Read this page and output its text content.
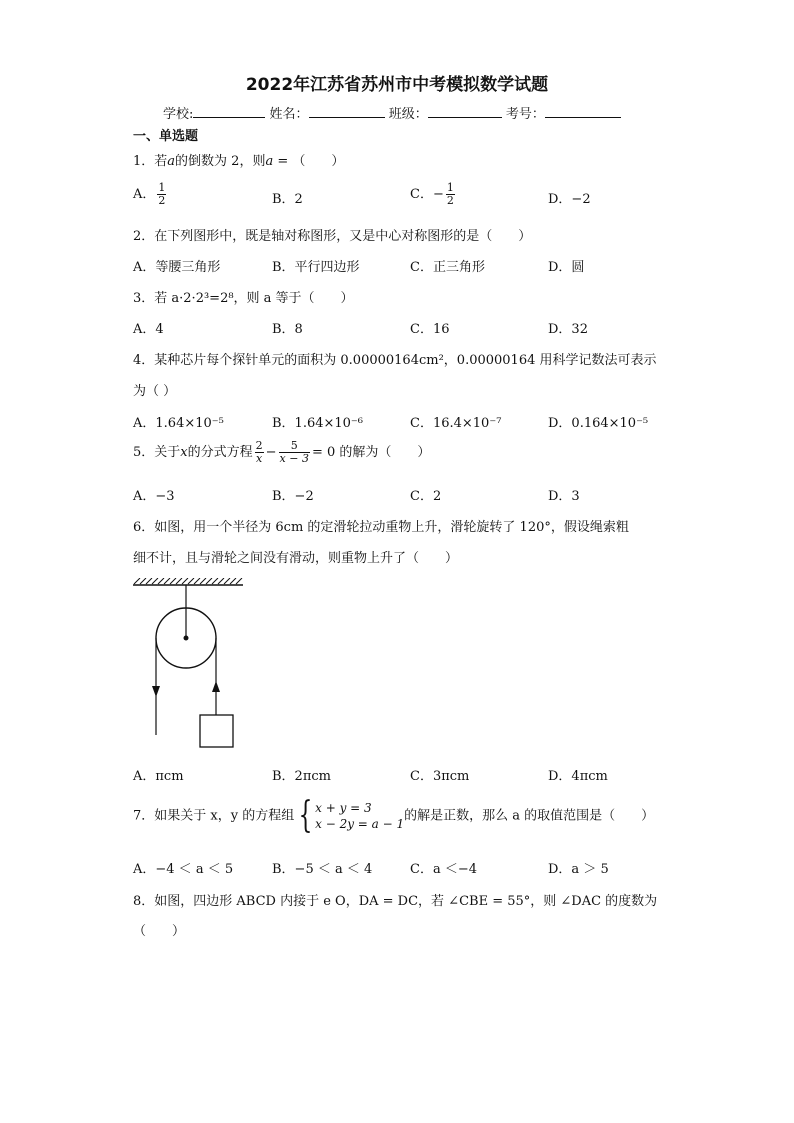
2022年江苏省苏州市中考模拟数学试题
学校:	姓名：	班级：	考号：
一、单选题
1．若a的倒数为 2，则a = （　　）
A． $\frac{1}{2}$	B．2	C．− $\frac{1}{2}$	D．−2
2．在下列图形中，既是轴对称图形，又是中心对称图形的是（　　）
A．等腰三角形	B．平行四边形	C．正三角形	D．圆
3．若 a·2·2³=2⁸，则 a 等于（　　）
A．4	B．8	C．16	D．32
4．某种芯片每个探针单元的面积为 0.00000164cm²，0.00000164 用科学记数法可表示
为（ ）
A．1.64×10⁻⁵	B．1.64×10⁻⁶	C．16.4×10⁻⁷	D．0.164×10⁻⁵
5．关于x的分式方程 $\frac{2}{x} - \frac{5}{x - 3} = 0$ 的解为（　　）
A．−3	B．−2	C．2	D．3
6．如图，用一个半径为 6cm 的定滑轮拉动重物上升，滑轮旋转了 120°，假设绳索粗
细不计，且与滑轮之间没有滑动，则重物上升了（　　）
A．πcm	B．2πcm	C．3πcm	D．4πcm
7．如果关于 x，y 的方程组 { x + y = 3
x − 2y = a − 1
的解是正数，那么 a 的取值范围是（　　）
A．−4 ＜ a ＜ 5	B．−5 ＜ a ＜ 4	C．a ＜−4	D．a ＞ 5
8．如图，四边形 ABCD 内接于 e O，DA = DC，若 ∠CBE = 55°，则 ∠DAC 的度数为
（　　）
